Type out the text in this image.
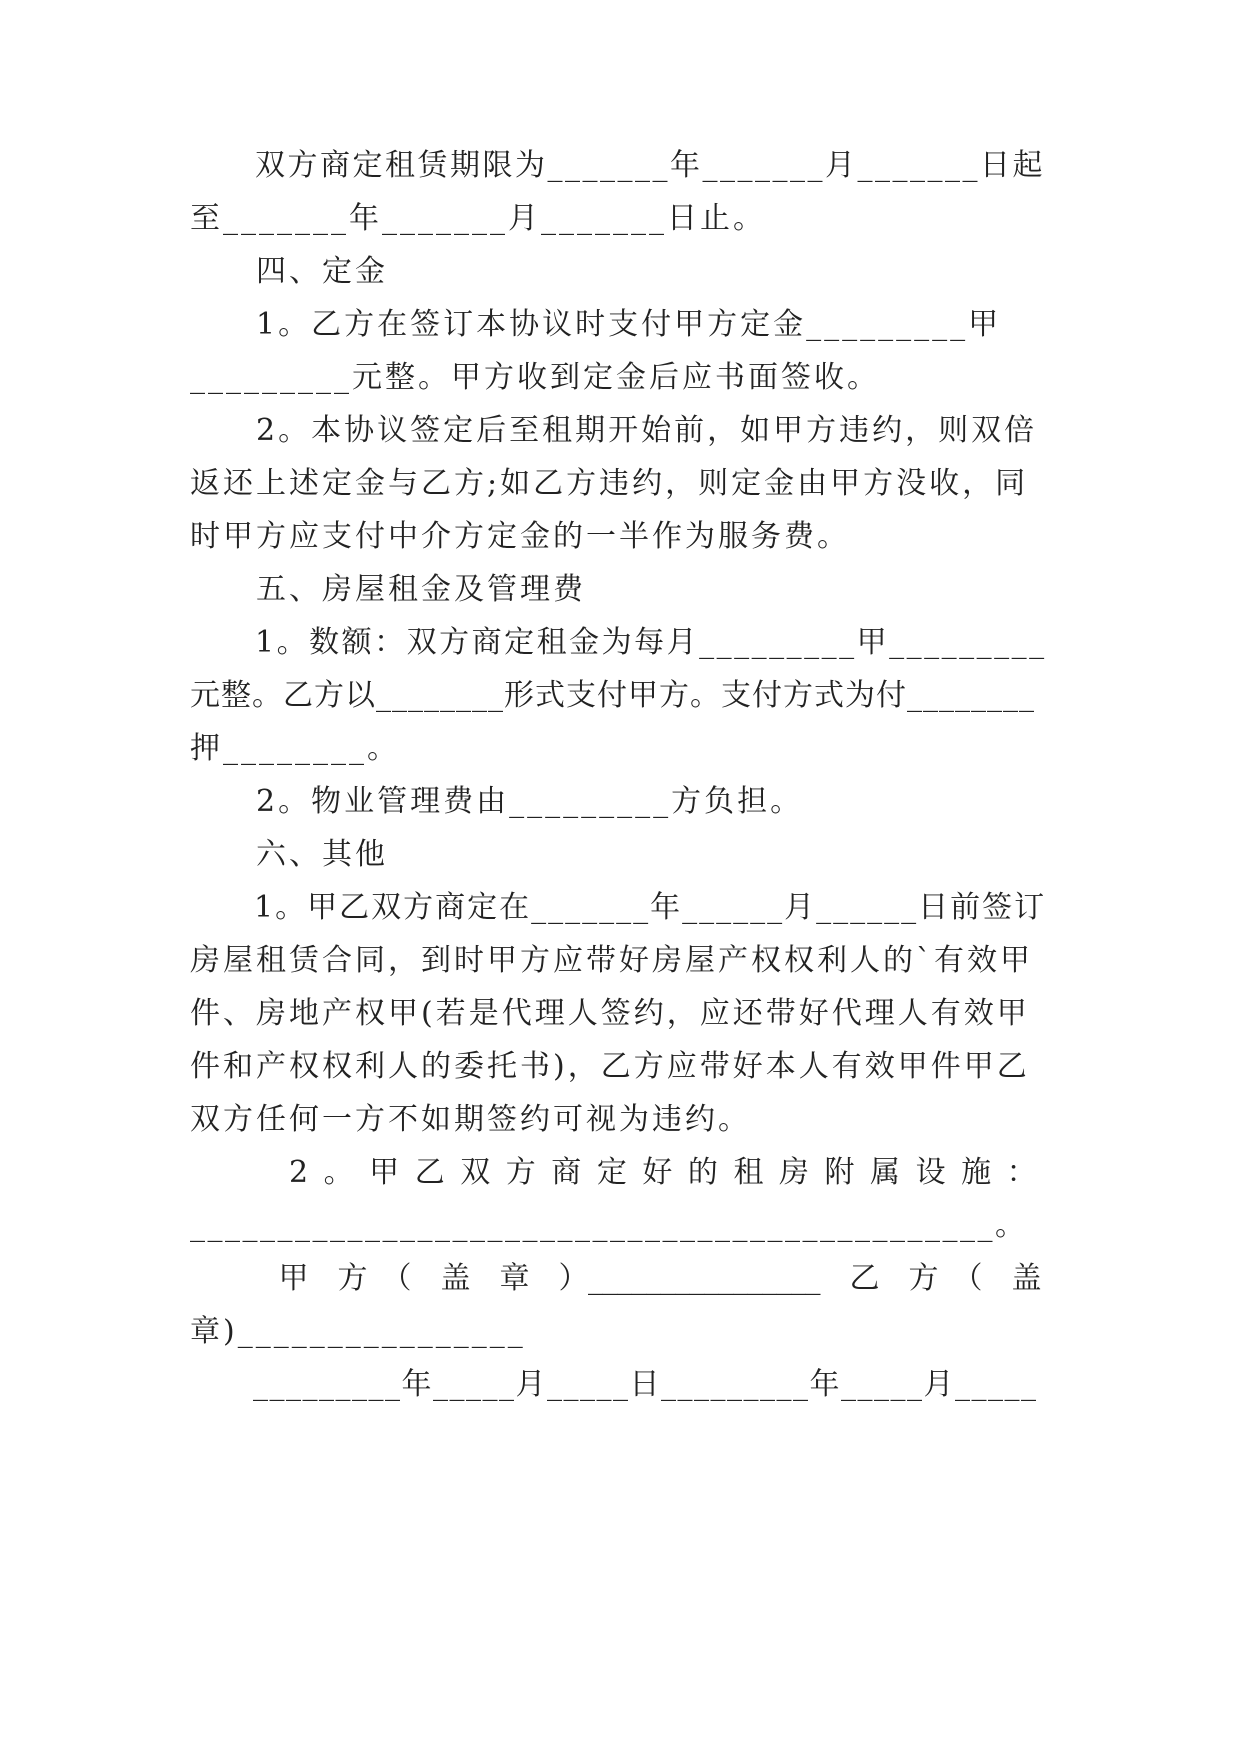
　　双方商定租赁期限为_______年_______月_______日起
至_______年_______月_______日止。
　　四、定金
　　1。乙方在签订本协议时支付甲方定金_________甲
_________元整。甲方收到定金后应书面签收。
　　2。本协议签定后至租期开始前，如甲方违约，则双倍
返还上述定金与乙方;如乙方违约，则定金由甲方没收，同
时甲方应支付中介方定金的一半作为服务费。
　　五、房屋租金及管理费
　　1。数额：双方商定租金为每月_________甲_________
元整。乙方以________形式支付甲方。支付方式为付________
押________。
　　2。物业管理费由_________方负担。
　　六、其他
　　1。甲乙双方商定在_______年______月______日前签订
房屋租赁合同，到时甲方应带好房屋产权权利人的`有效甲
件、房地产权甲(若是代理人签约，应还带好代理人有效甲
件和产权权利人的委托书)，乙方应带好本人有效甲件甲乙
双方任何一方不如期签约可视为违约。
　　　2 。 甲 乙 双 方 商 定 好 的 租 房 附 属 设 施 ：
______________________________________________。
　　　甲　方　（　盖　章　）________________　乙　方　（　盖
章)________________
　　_________年_____月_____日_________年_____月_____
